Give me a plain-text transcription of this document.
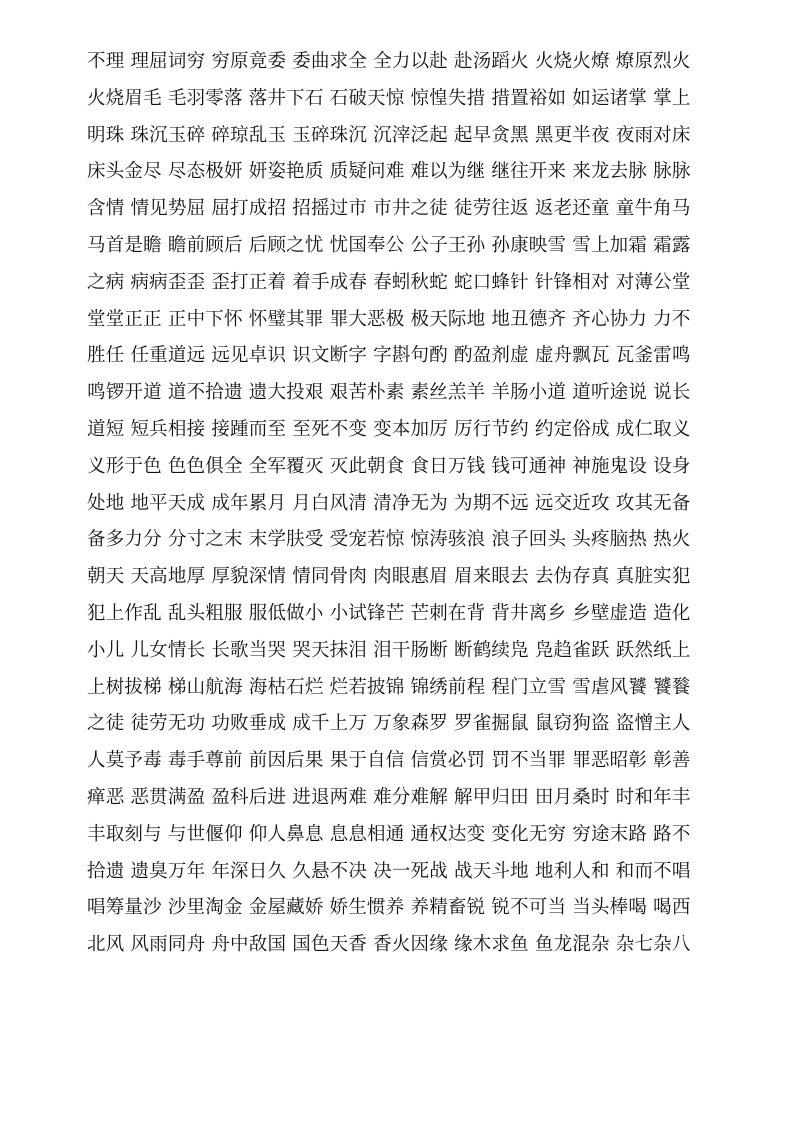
不理 理屈词穷 穷原竟委 委曲求全 全力以赴 赴汤蹈火 火烧火燎 燎原烈火
火烧眉毛 毛羽零落 落井下石 石破天惊 惊惶失措 措置裕如 如运诸掌 掌上
明珠 珠沉玉碎 碎琼乱玉 玉碎珠沉 沉滓泛起 起早贪黑 黑更半夜 夜雨对床
床头金尽 尽态极妍 妍姿艳质 质疑问难 难以为继 继往开来 来龙去脉 脉脉
含情 情见势屈 屈打成招 招摇过市 市井之徒 徒劳往返 返老还童 童牛角马
马首是瞻 瞻前顾后 后顾之忧 忧国奉公 公子王孙 孙康映雪 雪上加霜 霜露
之病 病病歪歪 歪打正着 着手成春 春蚓秋蛇 蛇口蜂针 针锋相对 对薄公堂
堂堂正正 正中下怀 怀璧其罪 罪大恶极 极天际地 地丑德齐 齐心协力 力不
胜任 任重道远 远见卓识 识文断字 字斟句酌 酌盈剂虚 虚舟飘瓦 瓦釜雷鸣
鸣锣开道 道不拾遗 遗大投艰 艰苦朴素 素丝羔羊 羊肠小道 道听途说 说长
道短 短兵相接 接踵而至 至死不变 变本加厉 厉行节约 约定俗成 成仁取义
义形于色 色色俱全 全军覆灭 灭此朝食 食日万钱 钱可通神 神施鬼设 设身
处地 地平天成 成年累月 月白风清 清净无为 为期不远 远交近攻 攻其无备
备多力分 分寸之末 末学肤受 受宠若惊 惊涛骇浪 浪子回头 头疼脑热 热火
朝天 天高地厚 厚貌深情 情同骨肉 肉眼惠眉 眉来眼去 去伪存真 真脏实犯
犯上作乱 乱头粗服 服低做小 小试锋芒 芒刺在背 背井离乡 乡壁虚造 造化
小儿 儿女情长 长歌当哭 哭天抹泪 泪干肠断 断鹤续凫 凫趋雀跃 跃然纸上
上树拔梯 梯山航海 海枯石烂 烂若披锦 锦绣前程 程门立雪 雪虐风饕 饕餮
之徒 徒劳无功 功败垂成 成千上万 万象森罗 罗雀掘鼠 鼠窃狗盗 盗憎主人
人莫予毒 毒手尊前 前因后果 果于自信 信赏必罚 罚不当罪 罪恶昭彰 彰善
瘅恶 恶贯满盈 盈科后进 进退两难 难分难解 解甲归田 田月桑时 时和年丰
丰取刻与 与世偃仰 仰人鼻息 息息相通 通权达变 变化无穷 穷途末路 路不
拾遗 遗臭万年 年深日久 久悬不决 决一死战 战天斗地 地利人和 和而不唱
唱筹量沙 沙里淘金 金屋藏娇 娇生惯养 养精畜锐 锐不可当 当头棒喝 喝西
北风 风雨同舟 舟中敌国 国色天香 香火因缘 缘木求鱼 鱼龙混杂 杂七杂八
